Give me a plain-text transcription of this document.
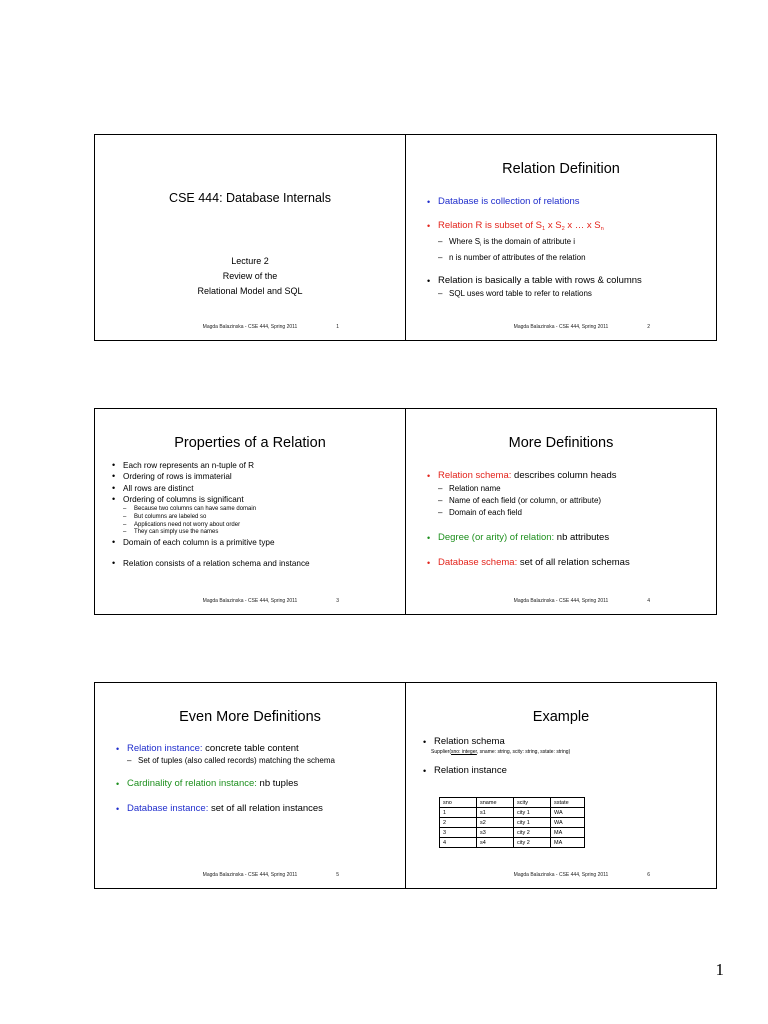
CSE 444: Database Internals
Lecture 2
Review of the
Relational Model and SQL
Magda Balazinska - CSE 444, Spring 2011	1
Relation Definition
• Database is collection of relations
• Relation R is subset of $S_1$ x $S_2$ x … x $S_n$
– Where $S_i$ is the domain of attribute i
– n is number of attributes of the relation
• Relation is basically a table with rows & columns
– SQL uses word table to refer to relations
Magda Balazinska - CSE 444, Spring 2011	2
Properties of a Relation
• Each row represents an n-tuple of R
• Ordering of rows is immaterial
• All rows are distinct
• Ordering of columns is significant
– Because two columns can have same domain
– But columns are labeled so
– Applications need not worry about order
– They can simply use the names
• Domain of each column is a primitive type
• Relation consists of a relation schema and instance
Magda Balazinska - CSE 444, Spring 2011	3
More Definitions
• Relation schema: describes column heads
– Relation name
– Name of each field (or column, or attribute)
– Domain of each field
• Degree (or arity) of relation: nb attributes
• Database schema: set of all relation schemas
Magda Balazinska - CSE 444, Spring 2011	4
Even More Definitions
• Relation instance: concrete table content
– Set of tuples (also called records) matching the schema
• Cardinality of relation instance: nb tuples
• Database instance: set of all relation instances
Magda Balazinska - CSE 444, Spring 2011	5
Example
• Relation schema
• Relation instance
Supplier(sno: integer, sname: string, scity: string, sstate: string)
sno	sname	scity	sstate
1	s1	city 1	WA
2	s2	city 1	WA
3	s3	city 2	MA
4	s4	city 2	MA
Magda Balazinska - CSE 444, Spring 2011	6
1
